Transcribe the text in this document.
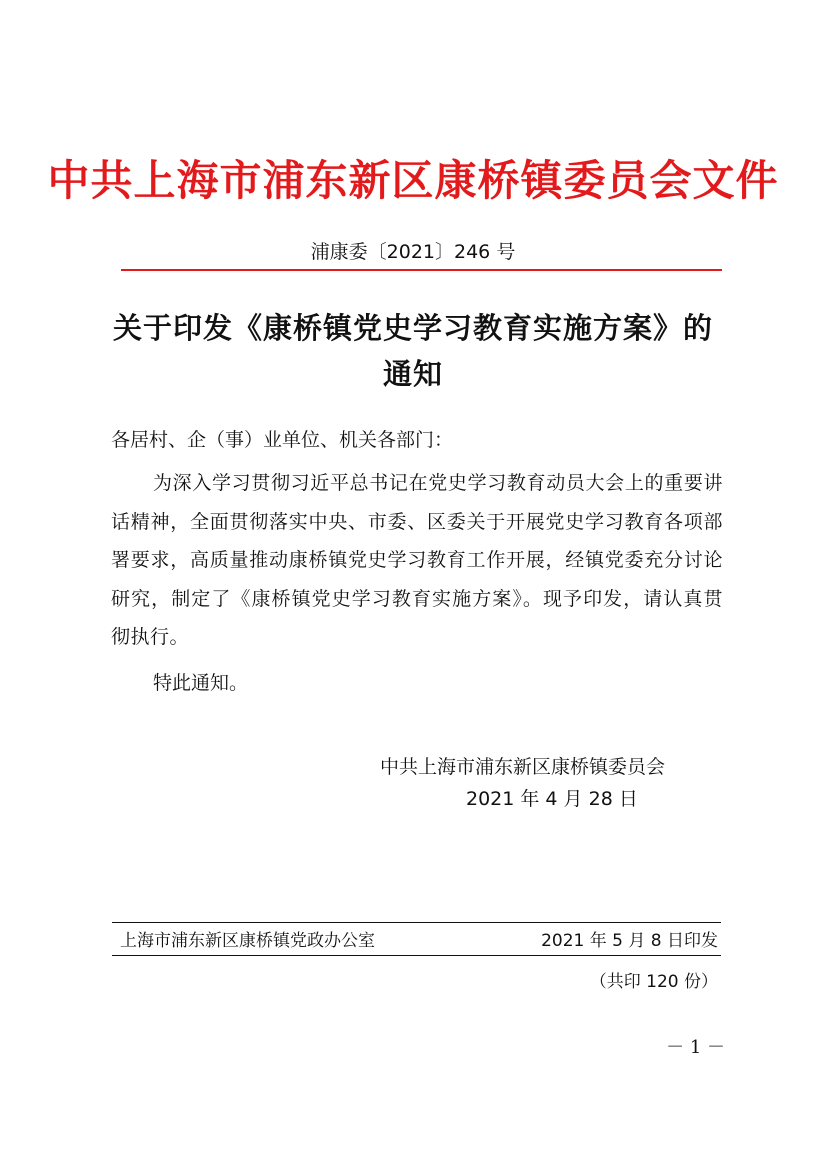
中共上海市浦东新区康桥镇委员会文件
浦康委〔2021〕246 号
关于印发《康桥镇党史学习教育实施方案》的
通知
各居村、企（事）业单位、机关各部门：
为深入学习贯彻习近平总书记在党史学习教育动员大会上的重要讲话精神，全面贯彻落实中央、市委、区委关于开展党史学习教育各项部署要求，高质量推动康桥镇党史学习教育工作开展，经镇党委充分讨论研究，制定了《康桥镇党史学习教育实施方案》。现予印发，请认真贯彻执行。
特此通知。
中共上海市浦东新区康桥镇委员会
2021 年 4 月 28 日
上海市浦东新区康桥镇党政办公室	2021 年 5 月 8 日印发
（共印 120 份）
－ 1 －
